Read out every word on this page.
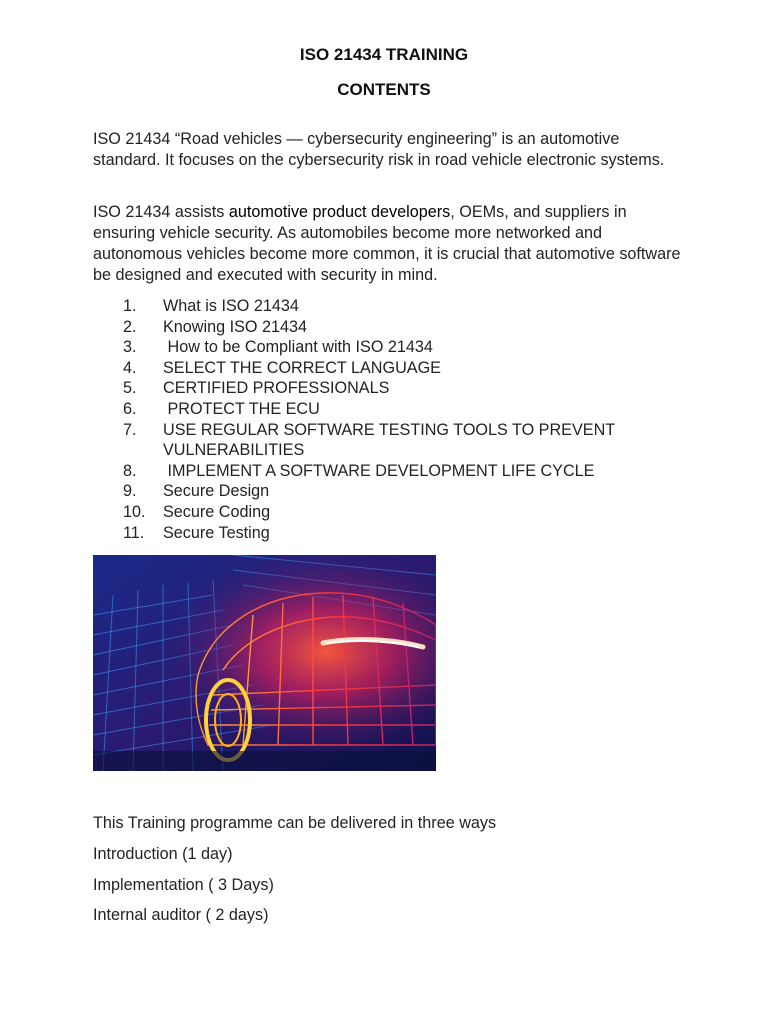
ISO 21434 TRAINING
CONTENTS

ISO 21434 “Road vehicles — cybersecurity engineering” is an automotive standard. It focuses on the cybersecurity risk in road vehicle electronic systems.

ISO 21434 assists automotive product developers, OEMs, and suppliers in ensuring vehicle security. As automobiles become more networked and autonomous vehicles become more common, it is crucial that automotive software be designed and executed with security in mind.

1.	What is ISO 21434
2.	Knowing ISO 21434
3.	How to be Compliant with ISO 21434
4.	SELECT THE CORRECT LANGUAGE
5.	CERTIFIED PROFESSIONALS
6.	PROTECT THE ECU
7.	USE REGULAR SOFTWARE TESTING TOOLS TO PREVENT VULNERABILITIES
8.	IMPLEMENT A SOFTWARE DEVELOPMENT LIFE CYCLE
9.	Secure Design
10.	Secure Coding
11.	Secure Testing

This Training programme can be delivered in three ways

Introduction (1 day)

Implementation ( 3 Days)

Internal auditor ( 2 days)
